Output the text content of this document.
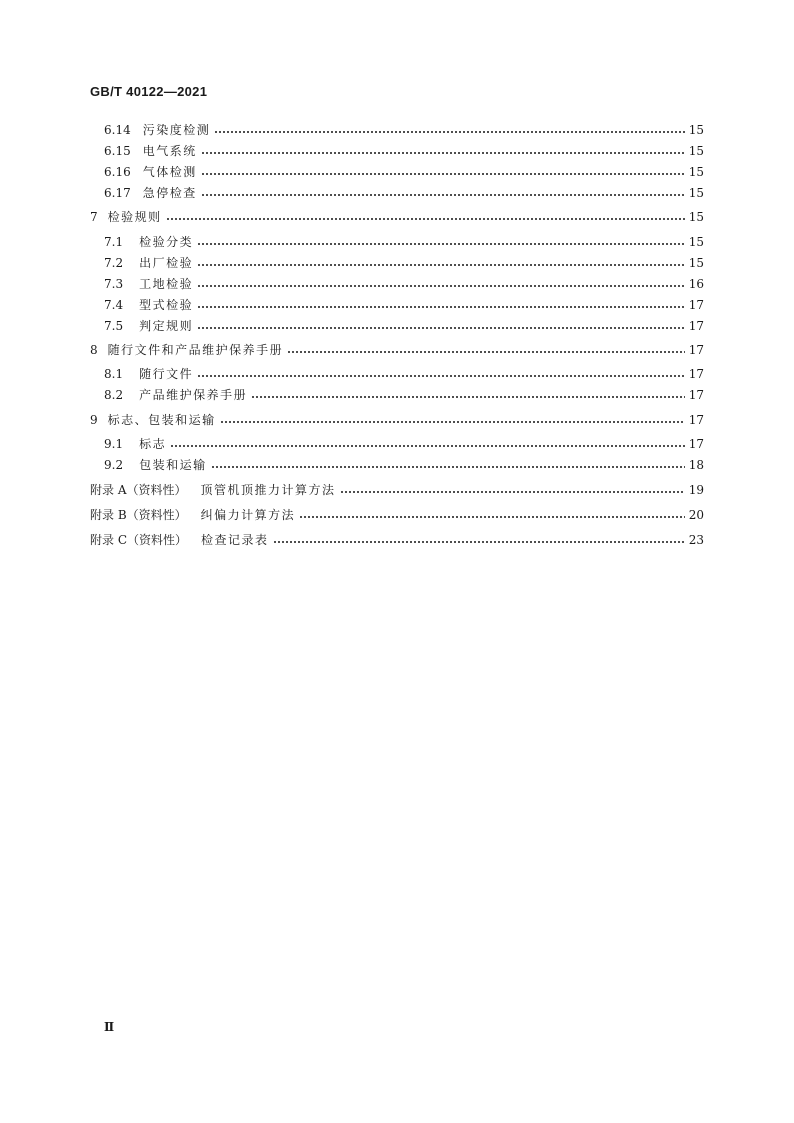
GB/T 40122—2021
6.14 污染度检测	15
6.15 电气系统	15
6.16 气体检测	15
6.17 急停检查	15
7 检验规则	15
7.1 检验分类	15
7.2 出厂检验	15
7.3 工地检验	16
7.4 型式检验	17
7.5 判定规则	17
8 随行文件和产品维护保养手册	17
8.1 随行文件	17
8.2 产品维护保养手册	17
9 标志、包装和运输	17
9.1 标志	17
9.2 包装和运输	18
附录 A（资料性） 顶管机顶推力计算方法	19
附录 B（资料性） 纠偏力计算方法	20
附录 C（资料性） 检查记录表	23
Ⅱ
